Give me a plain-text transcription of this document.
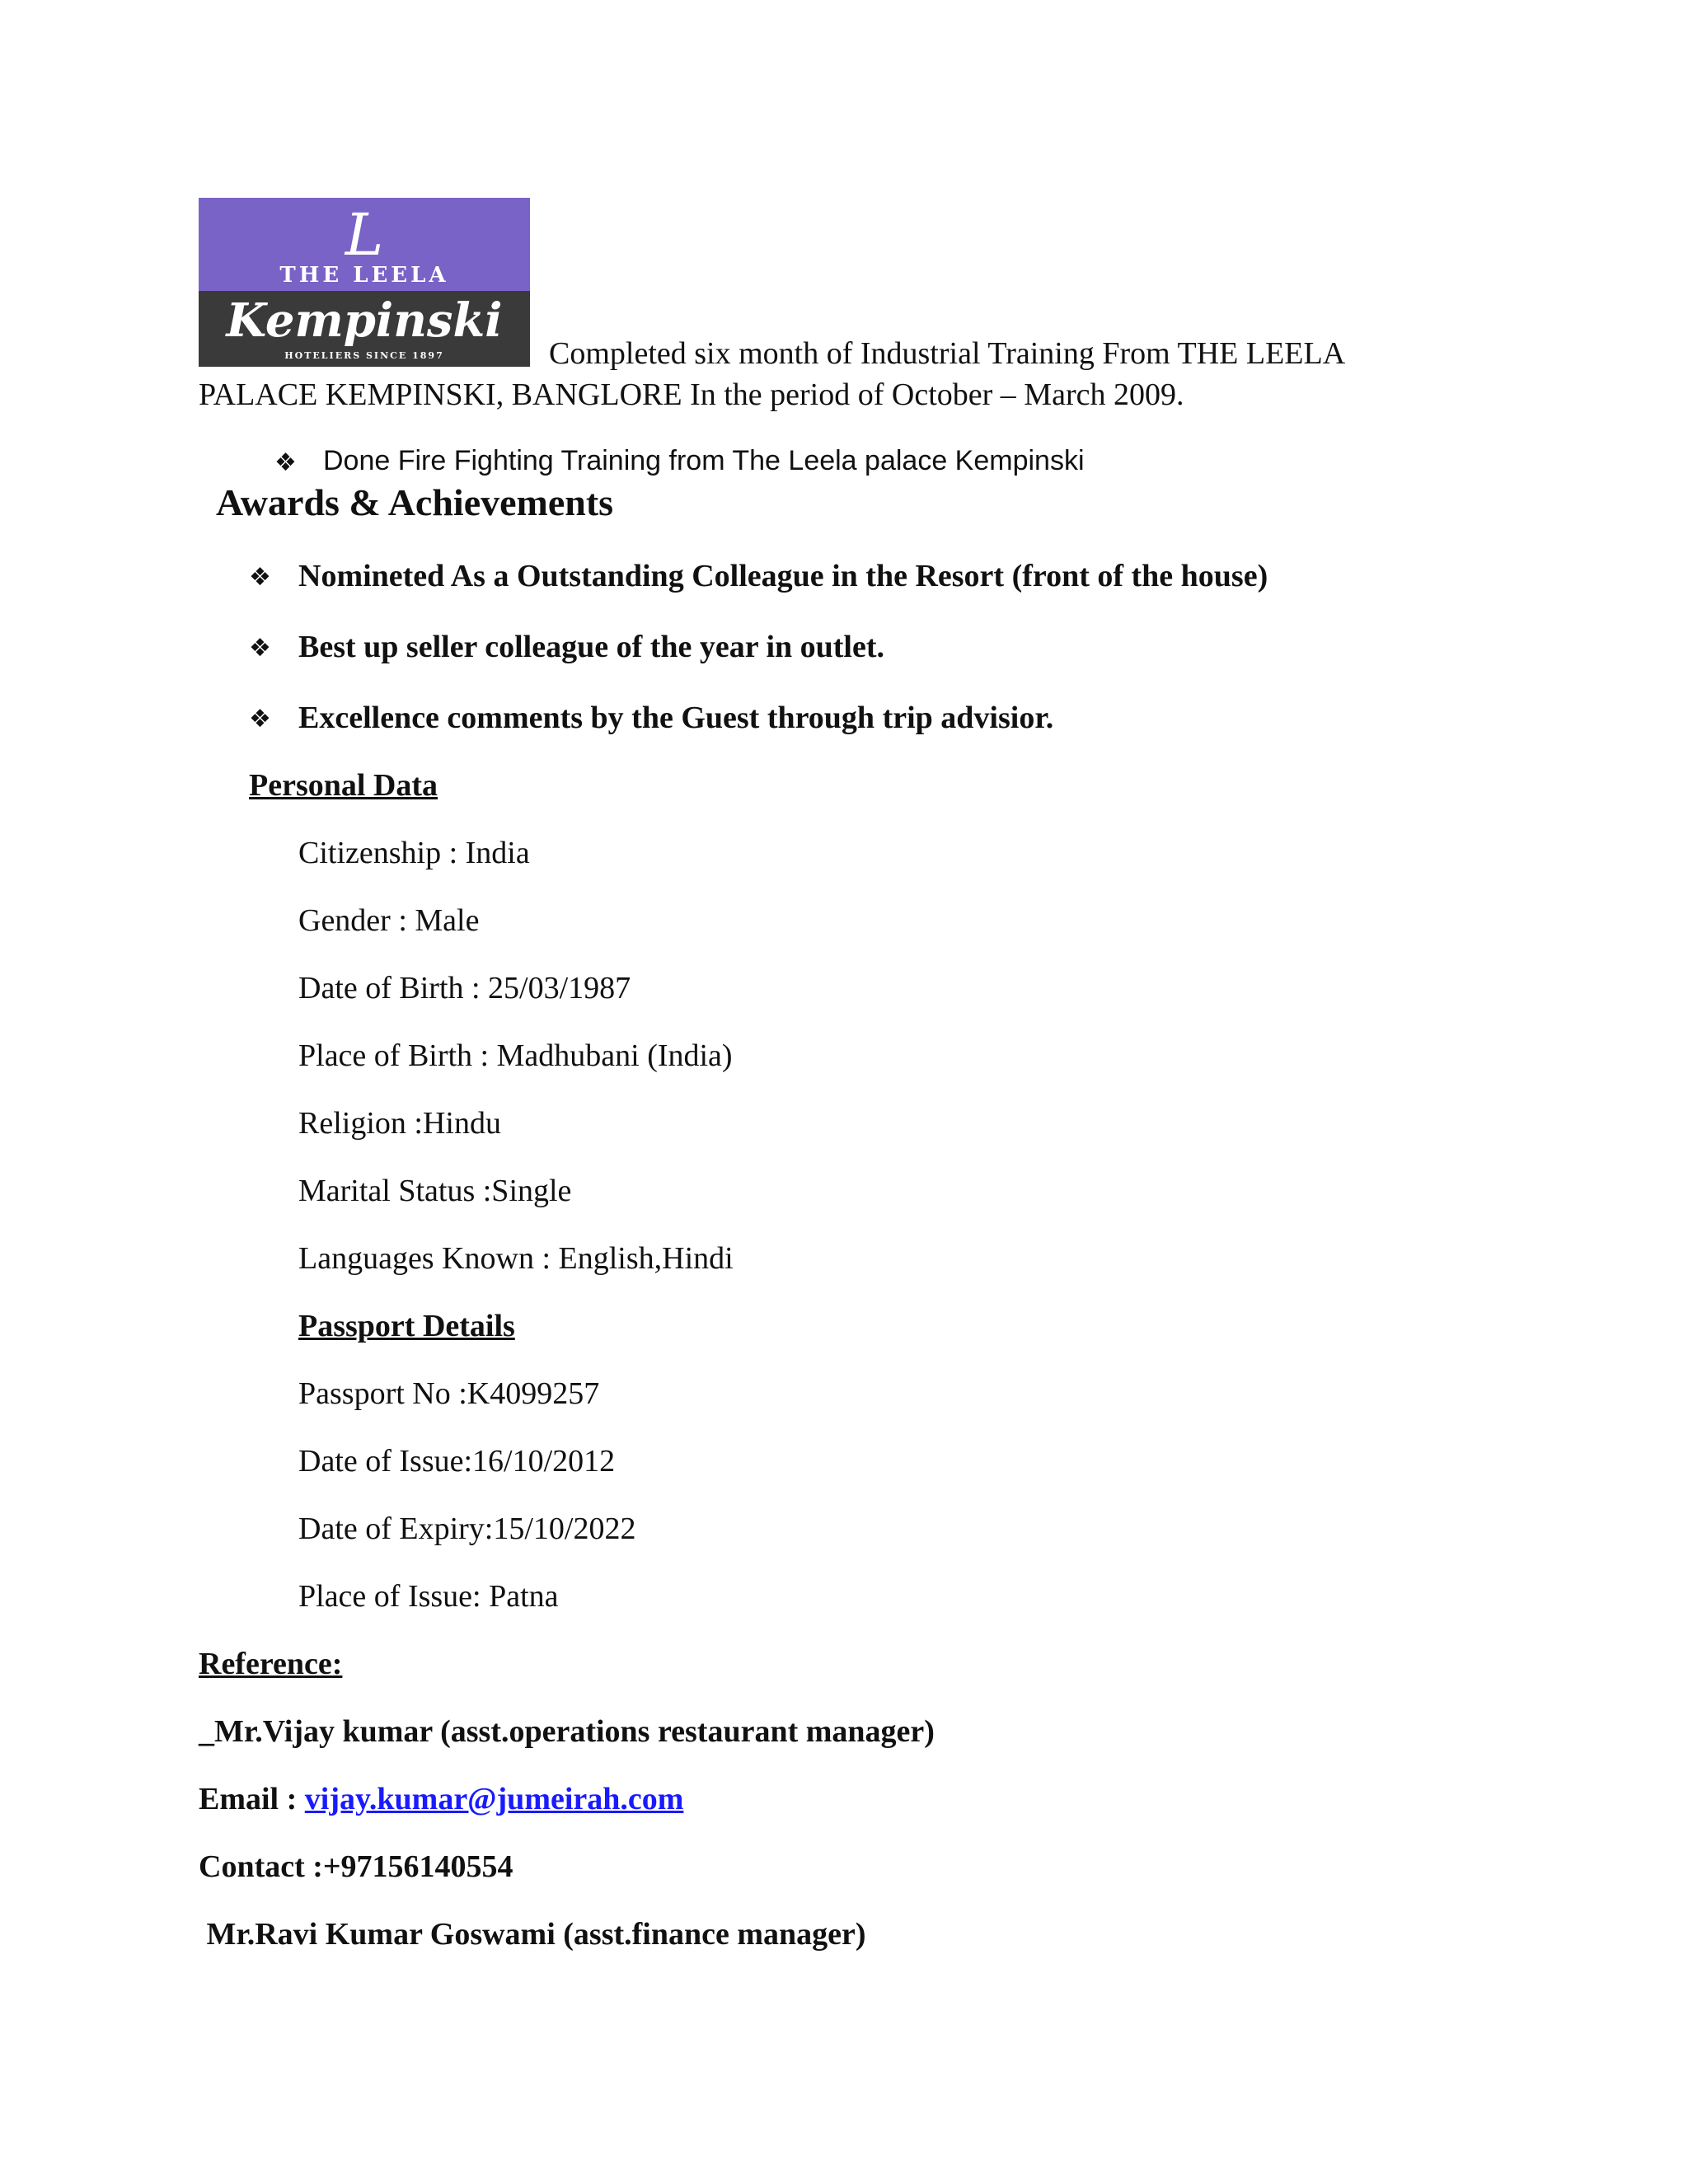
L
THE LEELA
Kempinski
HOTELIERS SINCE 1897	Completed six month of Industrial Training From THE LEELA
PALACE KEMPINSKI, BANGLORE In the period of October – March 2009.
❖ Done Fire Fighting Training from The Leela palace Kempinski
Awards & Achievements
❖ Nomineted As a Outstanding Colleague in the Resort (front of the house)
❖ Best up seller colleague of the year in outlet.
❖ Excellence comments by the Guest through trip advisior.
Personal Data
Citizenship : India
Gender : Male
Date of Birth : 25/03/1987
Place of Birth : Madhubani (India)
Religion :Hindu
Marital Status :Single
Languages Known : English,Hindi
Passport Details
Passport No :K4099257
Date of Issue:16/10/2012
Date of Expiry:15/10/2022
Place of Issue: Patna
Reference:
_Mr.Vijay kumar (asst.operations restaurant manager)
Email : vijay.kumar@jumeirah.com
Contact :+97156140554
Mr.Ravi Kumar Goswami (asst.finance manager)
